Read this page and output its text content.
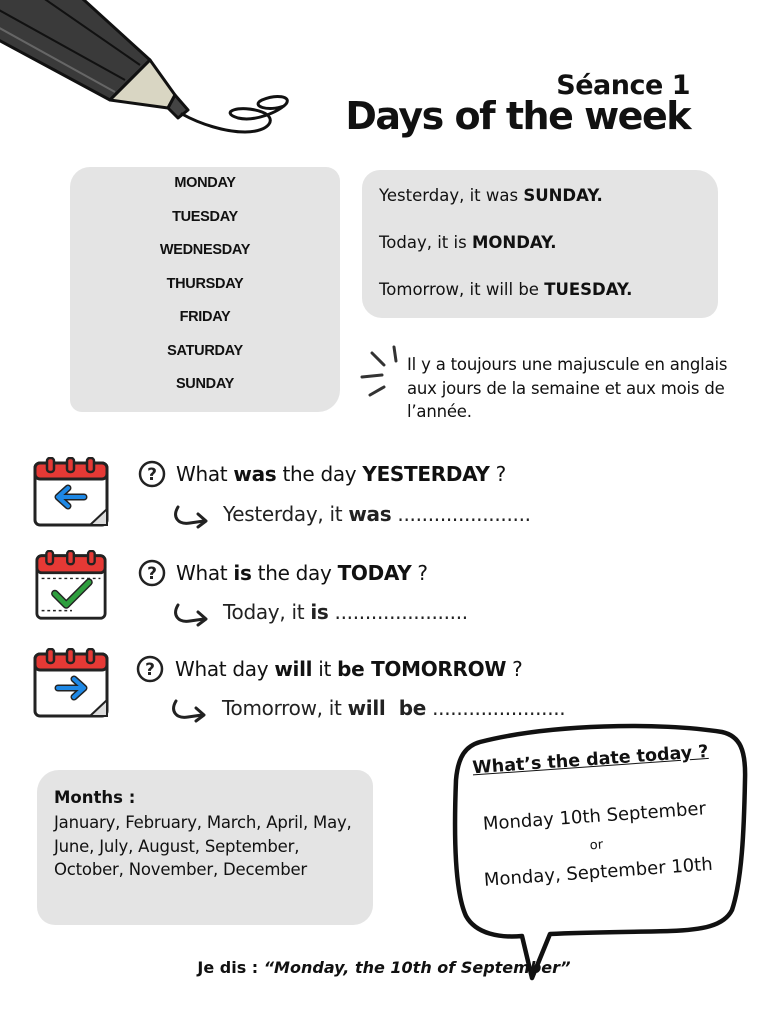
Séance 1
Days of the week
MONDAY
TUESDAY
WEDNESDAY
THURSDAY
FRIDAY
SATURDAY
SUNDAY
Yesterday, it was SUNDAY.
Today, it is MONDAY.
Tomorrow, it will be TUESDAY.
Il y a toujours une majuscule en anglais aux jours de la semaine et aux mois de l’année.
? What was the day YESTERDAY ?
Yesterday, it was ......................
? What is the day TODAY ?
Today, it is ......................
? What day will it be TOMORROW ?
Tomorrow, it will  be ......................
Months :
January, February, March, April, May, June, July, August, September, October, November, December
What’s the date today ?
Monday 10th September
or
Monday, September 10th
Je dis : “Monday, the 10th of September”
